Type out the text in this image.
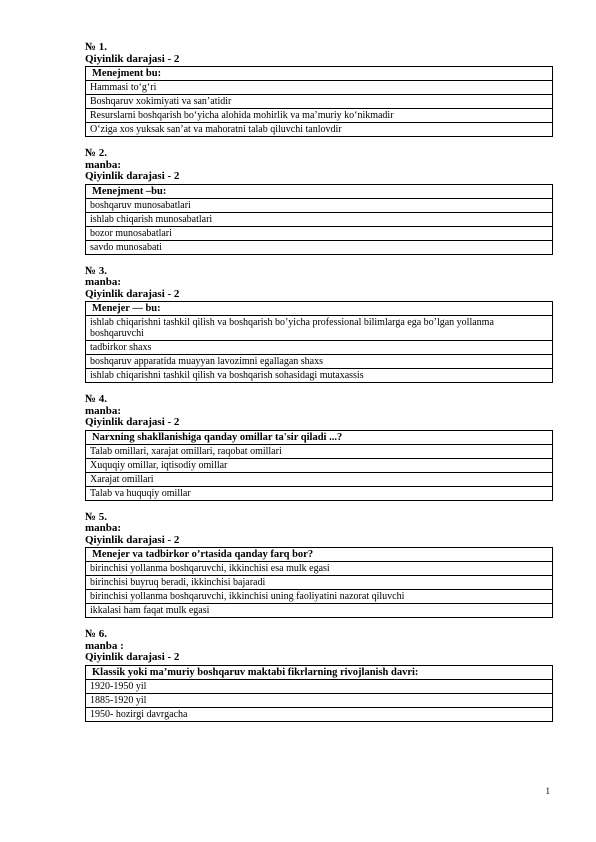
№ 1.
Qiyinlik darajasi - 2
Menejment bu:
Hammasi to‘g‘ri
Boshqaruv xokimiyati va san’atidir
Resurslarni boshqarish bo‘yicha alohida mohirlik va ma’muriy ko‘nikmadir
O‘ziga xos yuksak san’at va mahoratni talab qiluvchi tanlovdir
№ 2.
manba:
Qiyinlik darajasi - 2
Menejment –bu:
boshqaruv munosabatlari
ishlab chiqarish munosabatlari
bozor munosabatlari
savdo munosabati
№ 3.
manba:
Qiyinlik darajasi - 2
Menejer — bu:
ishlab chiqarishni tashkil qilish va boshqarish bo’yicha professional bilimlarga ega bo’lgan yollanma boshqaruvchi
tadbirkor shaxs
boshqaruv apparatida muayyan lavozimni egallagan shaxs
ishlab chiqarishni tashkil qilish va boshqarish sohasidagi mutaxassis
№ 4.
manba:
Qiyinlik darajasi - 2
Narxning shakllanishiga qanday omillar ta'sir qiladi ...?
Talab omillari, xarajat omillari, raqobat omillari
Xuquqiy omillar, iqtisodiy omillar
Xarajat omillari
Talab va huquqiy omillar
№ 5.
manba:
Qiyinlik darajasi - 2
Menejer va tadbirkor o’rtasida qanday farq bor?
birinchisi yollanma boshqaruvchi, ikkinchisi esa mulk egasi
birinchisi buyruq beradi, ikkinchisi bajaradi
birinchisi yollanma boshqaruvchi, ikkinchisi uning faoliyatini nazorat qiluvchi
ikkalasi ham faqat mulk egasi
№ 6.
manba :
Qiyinlik darajasi - 2
Klassik yoki ma’muriy boshqaruv maktabi fikrlarning rivojlanish davri:
1920-1950 yil
1885-1920 yil
1950- hozirgi davrgacha
1
